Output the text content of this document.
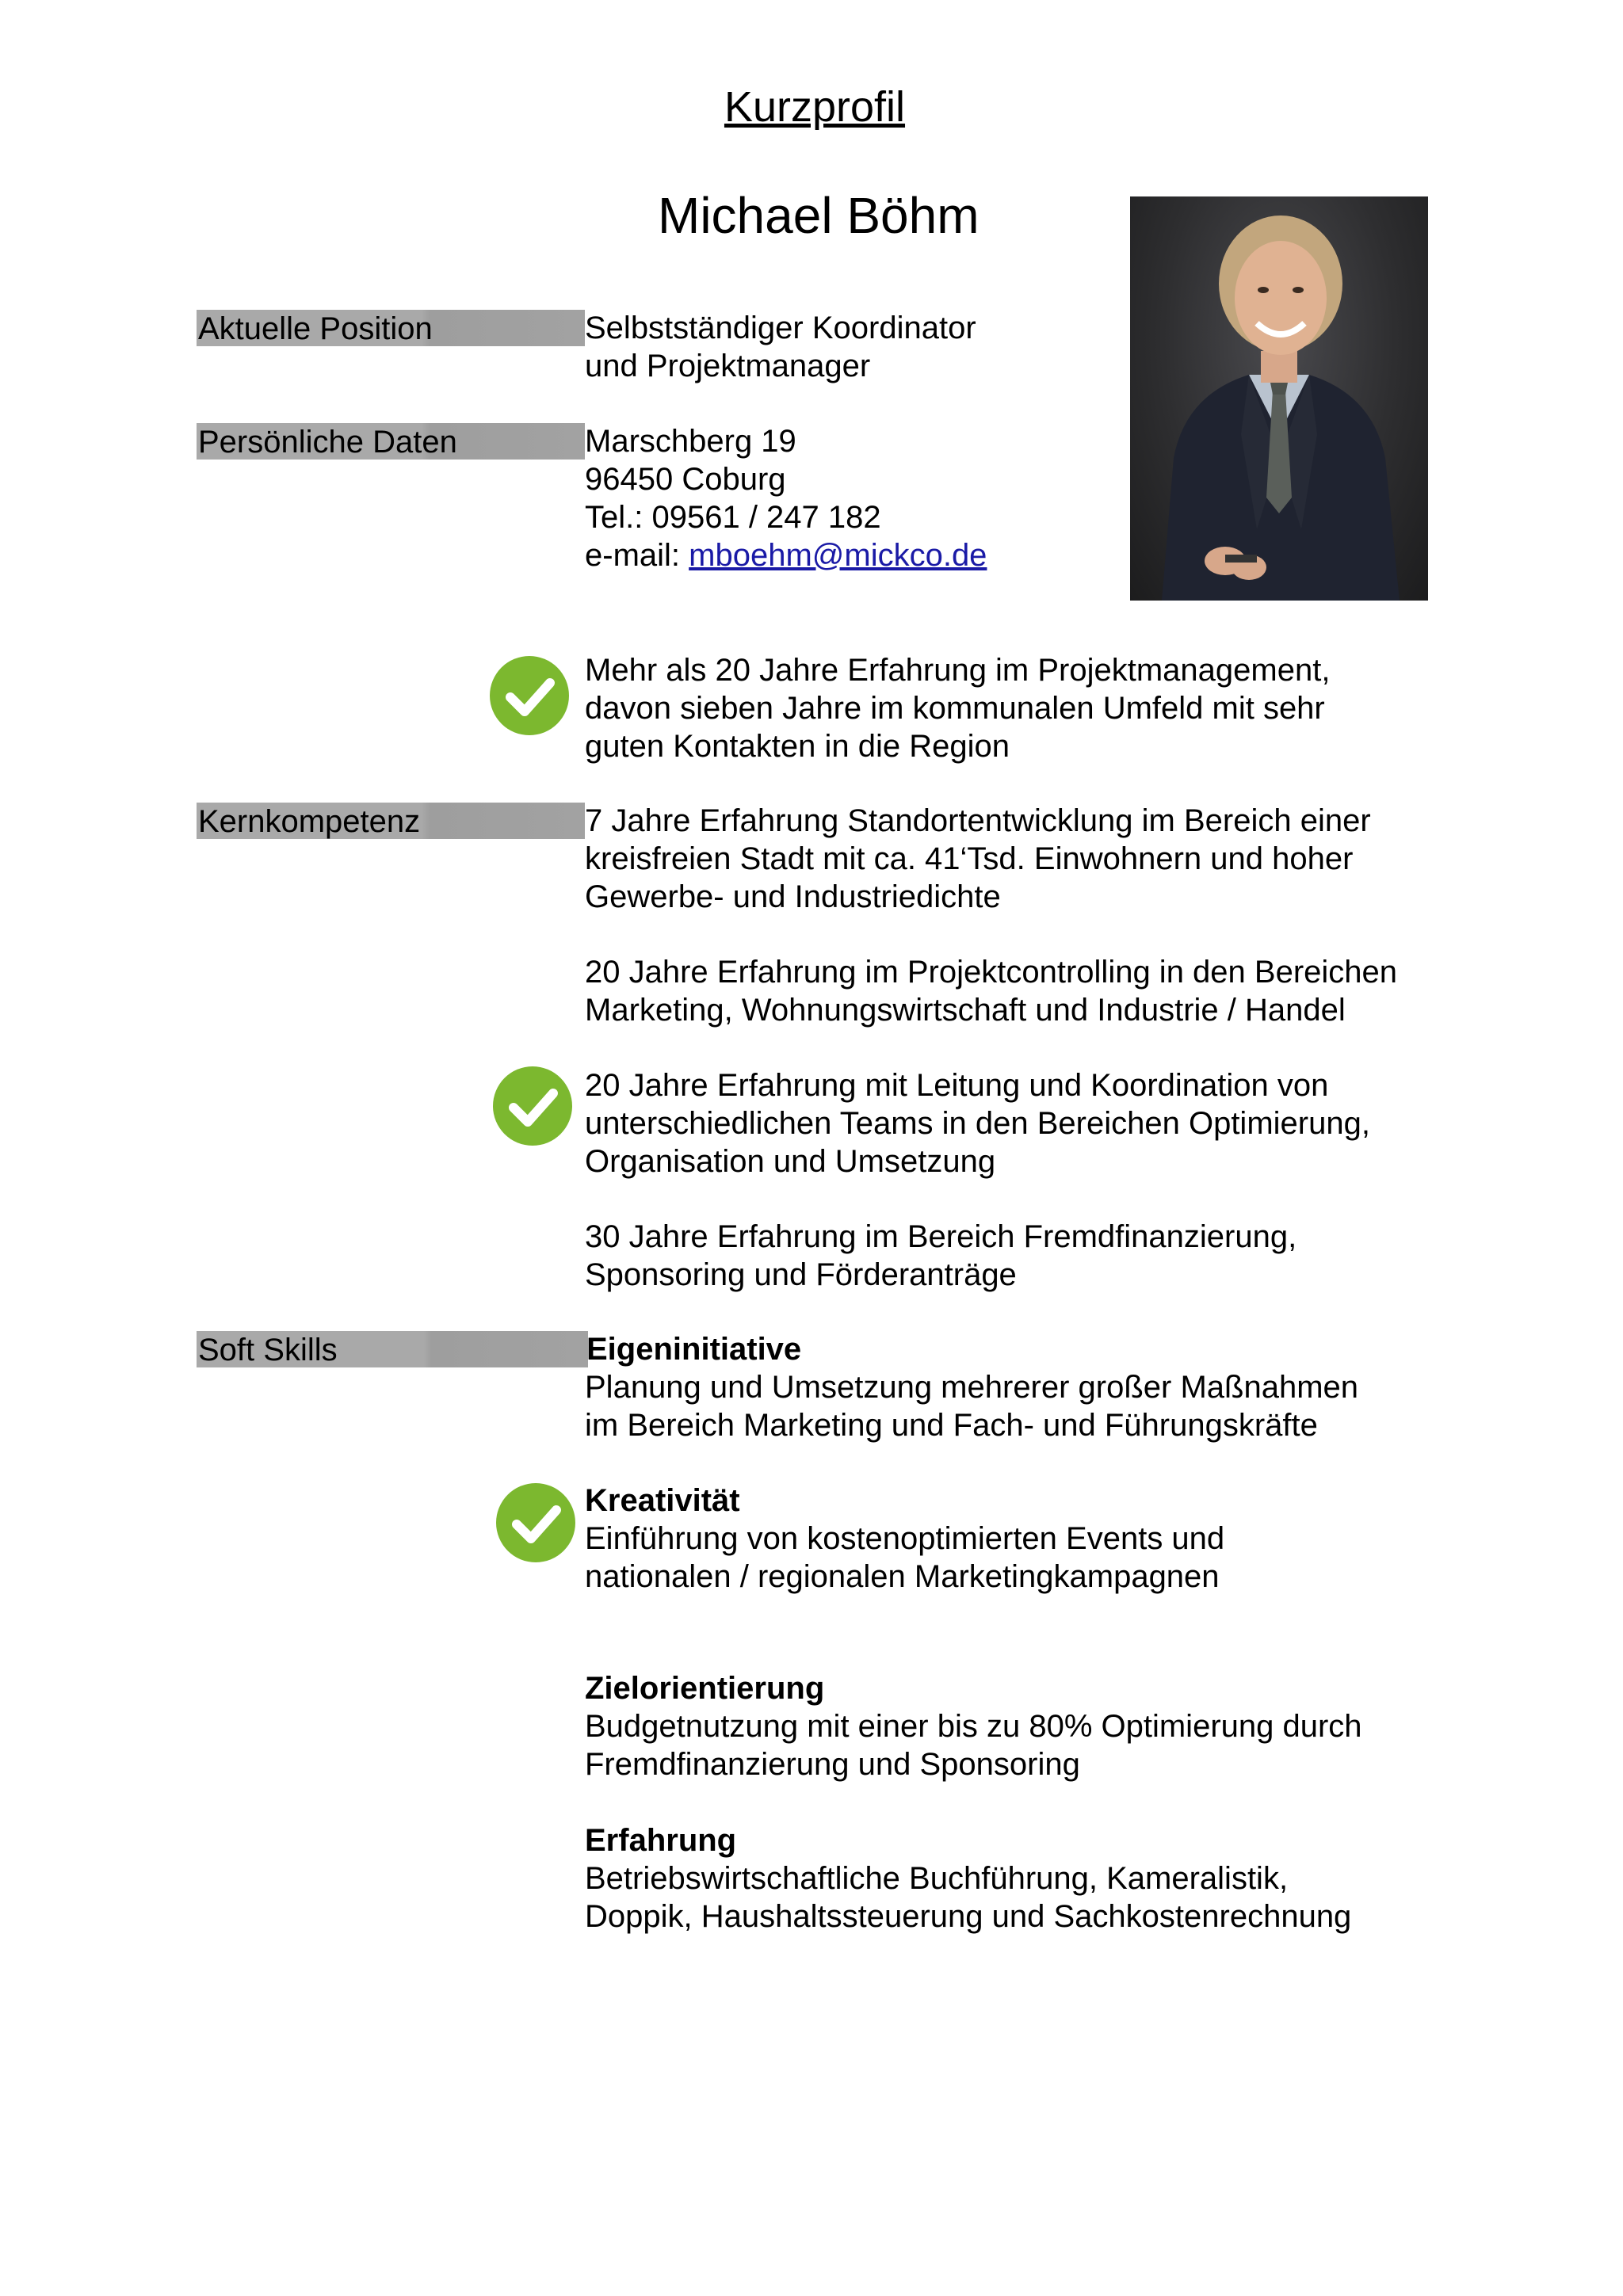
Kurzprofil
Michael Böhm
Aktuelle Position	Selbstständiger Koordinator
und Projektmanager
Persönliche Daten	Marschberg 19
96450 Coburg
Tel.: 09561 / 247 182
e-mail: mboehm@mickco.de
Mehr als 20 Jahre Erfahrung im Projektmanagement,
davon sieben Jahre im kommunalen Umfeld mit sehr
guten Kontakten in die Region
Kernkompetenz	7 Jahre Erfahrung Standortentwicklung im Bereich einer
kreisfreien Stadt mit ca. 41‘Tsd. Einwohnern und hoher
Gewerbe- und Industriedichte
20 Jahre Erfahrung im Projektcontrolling in den Bereichen
Marketing, Wohnungswirtschaft und Industrie / Handel
20 Jahre Erfahrung mit Leitung und Koordination von
unterschiedlichen Teams in den Bereichen Optimierung,
Organisation und Umsetzung
30 Jahre Erfahrung im Bereich Fremdfinanzierung,
Sponsoring und Förderanträge
Soft Skills	Eigeninitiative
Planung und Umsetzung mehrerer großer Maßnahmen
im Bereich Marketing und Fach- und Führungskräfte
Kreativität
Einführung von kostenoptimierten Events und
nationalen / regionalen Marketingkampagnen
Zielorientierung
Budgetnutzung mit einer bis zu 80% Optimierung durch
Fremdfinanzierung und Sponsoring
Erfahrung
Betriebswirtschaftliche Buchführung, Kameralistik,
Doppik, Haushaltssteuerung und Sachkostenrechnung
